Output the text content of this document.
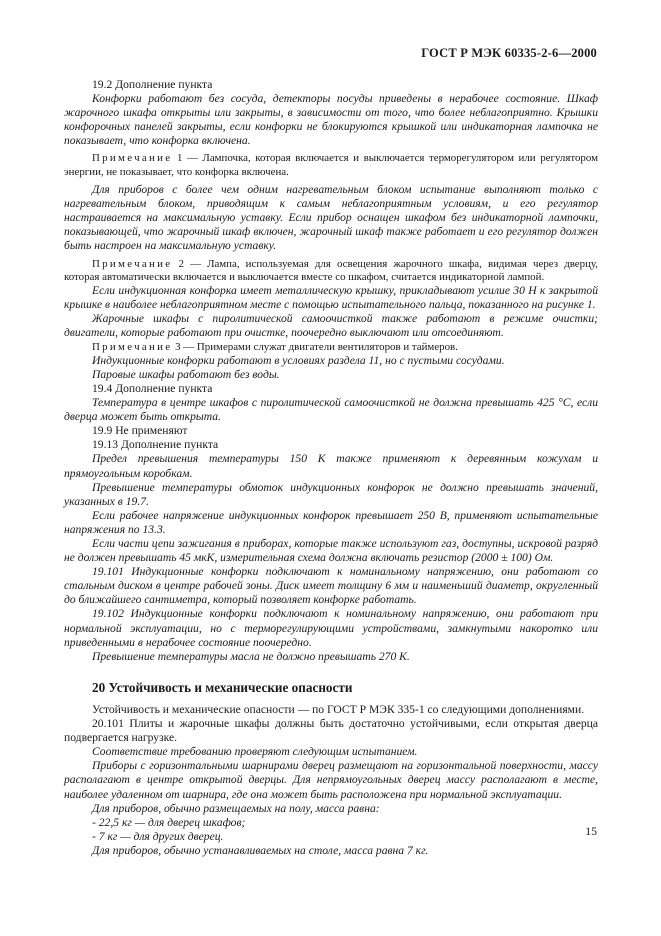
ГОСТ Р МЭК 60335-2-6—2000

19.2 Дополнение пункта

Конфорки работают без сосуда, детекторы посуды приведены в нерабочее состояние. Шкаф жарочного шкафа открыты или закрыты, в зависимости от того, что более неблагоприятно. Крышки конфорочных панелей закрыты, если конфорки не блокируются крышкой или индикаторная лампочка не показывает, что конфорка включена.

Примечание 1 — Лампочка, которая включается и выключается терморегулятором или регулятором энергии, не показывает, что конфорка включена.

Для приборов с более чем одним нагревательным блоком испытание выполняют только с нагревательным блоком, приводящим к самым неблагоприятным условиям, и его регулятор настраивается на максимальную уставку. Если прибор оснащен шкафом без индикаторной лампочки, показывающей, что жарочный шкаф включен, жарочный шкаф также работает и его регулятор должен быть настроен на максимальную уставку.

Примечание 2 — Лампа, используемая для освещения жарочного шкафа, видимая через дверцу, которая автоматически включается и выключается вместе со шкафом, считается индикаторной лампой.

Если индукционная конфорка имеет металлическую крышку, прикладывают усилие 30 Н к закрытой крышке в наиболее неблагоприятном месте с помощью испытательного пальца, показанного на рисунке 1.

Жарочные шкафы с пиролитической самоочисткой также работают в режиме очистки; двигатели, которые работают при очистке, поочередно выключают или отсоединяют.

Примечание 3 — Примерами служат двигатели вентиляторов и таймеров.

Индукционные конфорки работают в условиях раздела 11, но с пустыми сосудами.

Паровые шкафы работают без воды.

19.4 Дополнение пункта

Температура в центре шкафов с пиролитической самоочисткой не должна превышать 425 °С, если дверца может быть открыта.

19.9 Не применяют

19.13 Дополнение пункта

Предел превышения температуры 150 К также применяют к деревянным кожухам и прямоугольным коробкам.

Превышение температуры обмоток индукционных конфорок не должно превышать значений, указанных в 19.7.

Если рабочее напряжение индукционных конфорок превышает 250 В, применяют испытательные напряжения по 13.3.

Если части цепи зажигания в приборах, которые также используют газ, доступны, искровой разряд не должен превышать 45 мкК, измерительная схема должна включать резистор (2000 ± 100) Ом.

19.101 Индукционные конфорки подключают к номинальному напряжению, они работают со стальным диском в центре рабочей зоны. Диск имеет толщину 6 мм и наименьший диаметр, округленный до ближайшего сантиметра, который позволяет конфорке работать.

19.102 Индукционные конфорки подключают к номинальному напряжению, они работают при нормальной эксплуатации, но с терморегулирующими устройствами, замкнутыми накоротко или приведенными в нерабочее состояние поочередно.

Превышение температуры масла не должно превышать 270 К.

20 Устойчивость и механические опасности

Устойчивость и механические опасности — по ГОСТ Р МЭК 335-1 со следующими дополнениями.

20.101 Плиты и жарочные шкафы должны быть достаточно устойчивыми, если открытая дверца подвергается нагрузке.

Соответствие требованию проверяют следующим испытанием.

Приборы с горизонтальными шарнирами дверец размещают на горизонтальной поверхности, массу располагают в центре открытой дверцы. Для непрямоугольных дверец массу располагают в месте, наиболее удаленном от шарнира, где она может быть расположена при нормальной эксплуатации.

Для приборов, обычно размещаемых на полу, масса равна:

- 22,5 кг — для дверец шкафов;

- 7 кг — для других дверец.

Для приборов, обычно устанавливаемых на столе, масса равна 7 кг.

15
